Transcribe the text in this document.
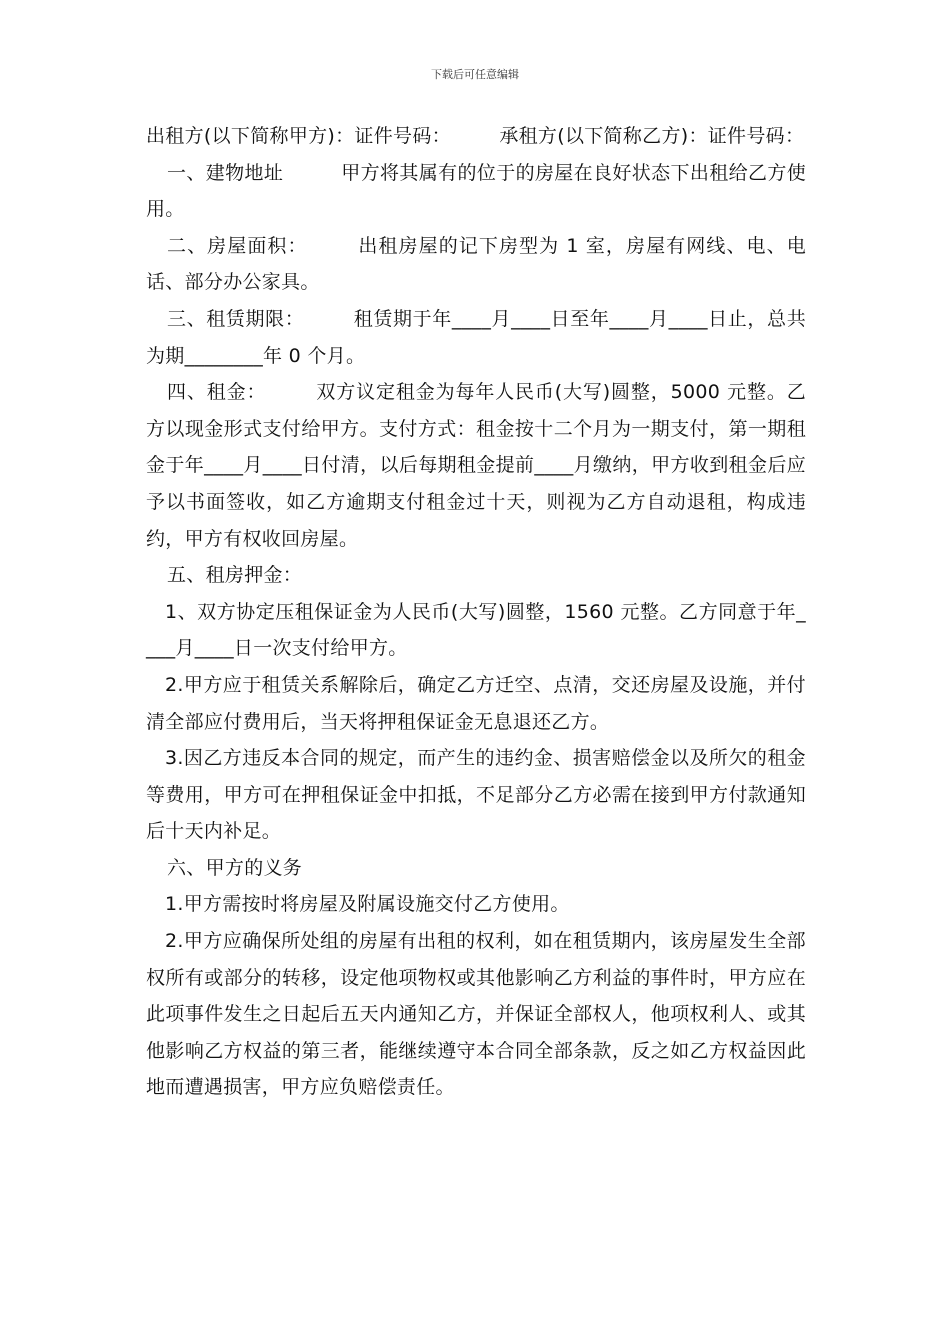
下载后可任意编辑

出租方(以下简称甲方)：证件号码：　　　承租方(以下简称乙方)：证件号码：

一、建物地址　　　甲方将其属有的位于的房屋在良好状态下出租给乙方使用。

二、房屋面积：　　　出租房屋的记下房型为 1 室，房屋有网线、电、电话、部分办公家具。

三、租赁期限：　　　租赁期于年____月____日至年____月____日止，总共为期________年 0 个月。

四、租金：　　　双方议定租金为每年人民币(大写)圆整，5000 元整。乙方以现金形式支付给甲方。支付方式：租金按十二个月为一期支付，第一期租金于年____月____日付清，以后每期租金提前____月缴纳，甲方收到租金后应予以书面签收，如乙方逾期支付租金过十天，则视为乙方自动退租，构成违约，甲方有权收回房屋。

五、租房押金：

1、双方协定压租保证金为人民币(大写)圆整，1560 元整。乙方同意于年____月____日一次支付给甲方。

2.甲方应于租赁关系解除后，确定乙方迁空、点清，交还房屋及设施，并付清全部应付费用后，当天将押租保证金无息退还乙方。

3.因乙方违反本合同的规定，而产生的违约金、损害赔偿金以及所欠的租金等费用，甲方可在押租保证金中扣抵，不足部分乙方必需在接到甲方付款通知后十天内补足。

六、甲方的义务

1.甲方需按时将房屋及附属设施交付乙方使用。

2.甲方应确保所处组的房屋有出租的权利，如在租赁期内，该房屋发生全部权所有或部分的转移，设定他项物权或其他影响乙方利益的事件时，甲方应在此项事件发生之日起后五天内通知乙方，并保证全部权人，他项权利人、或其他影响乙方权益的第三者，能继续遵守本合同全部条款，反之如乙方权益因此地而遭遇损害，甲方应负赔偿责任。
